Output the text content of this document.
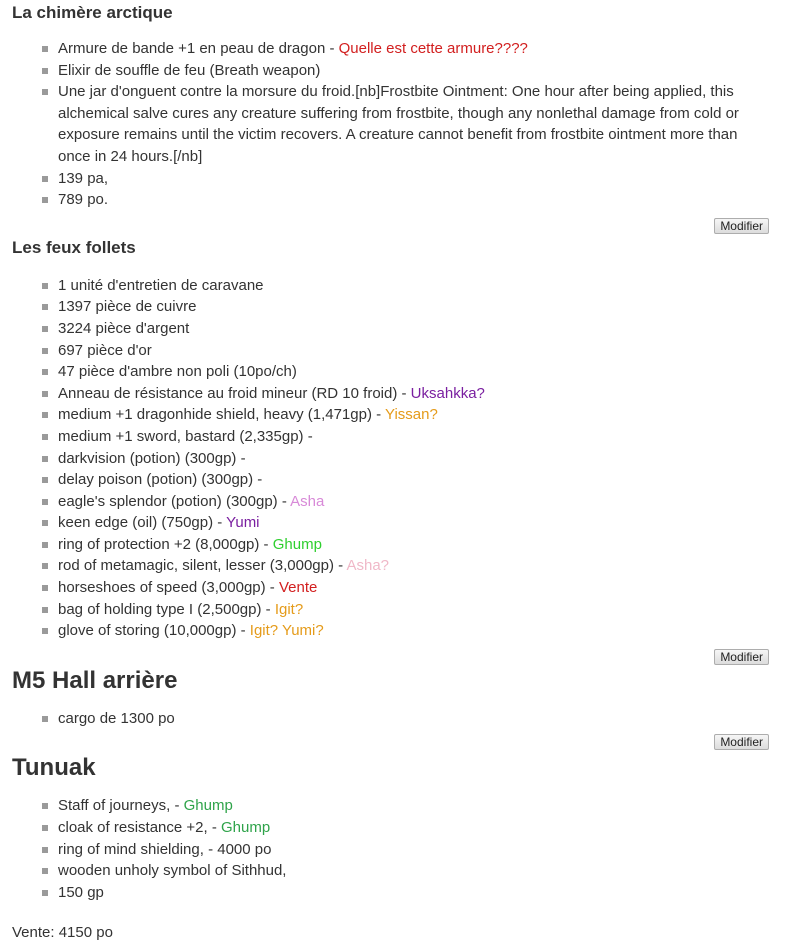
La chimère arctique
Armure de bande +1 en peau de dragon - Quelle est cette armure????
Elixir de souffle de feu (Breath weapon)
Une jar d'onguent contre la morsure du froid.[nb]Frostbite Ointment: One hour after being applied, this alchemical salve cures any creature suffering from frostbite, though any nonlethal damage from cold or exposure remains until the victim recovers. A creature cannot benefit from frostbite ointment more than once in 24 hours.[/nb]
139 pa,
789 po.
Modifier
Les feux follets
1 unité d'entretien de caravane
1397 pièce de cuivre
3224 pièce d'argent
697 pièce d'or
47 pièce d'ambre non poli (10po/ch)
Anneau de résistance au froid mineur (RD 10 froid) - Uksahkka?
medium +1 dragonhide shield, heavy (1,471gp) - Yissan?
medium +1 sword, bastard (2,335gp) -
darkvision (potion) (300gp) -
delay poison (potion) (300gp) -
eagle's splendor (potion) (300gp) - Asha
keen edge (oil) (750gp) - Yumi
ring of protection +2 (8,000gp) - Ghump
rod of metamagic, silent, lesser (3,000gp) - Asha?
horseshoes of speed (3,000gp) - Vente
bag of holding type I (2,500gp) - Igit?
glove of storing (10,000gp) - Igit? Yumi?
Modifier
M5 Hall arrière
cargo de 1300 po
Modifier
Tunuak
Staff of journeys, - Ghump
cloak of resistance +2, - Ghump
ring of mind shielding, - 4000 po
wooden unholy symbol of Sithhud,
150 gp
Vente: 4150 po
